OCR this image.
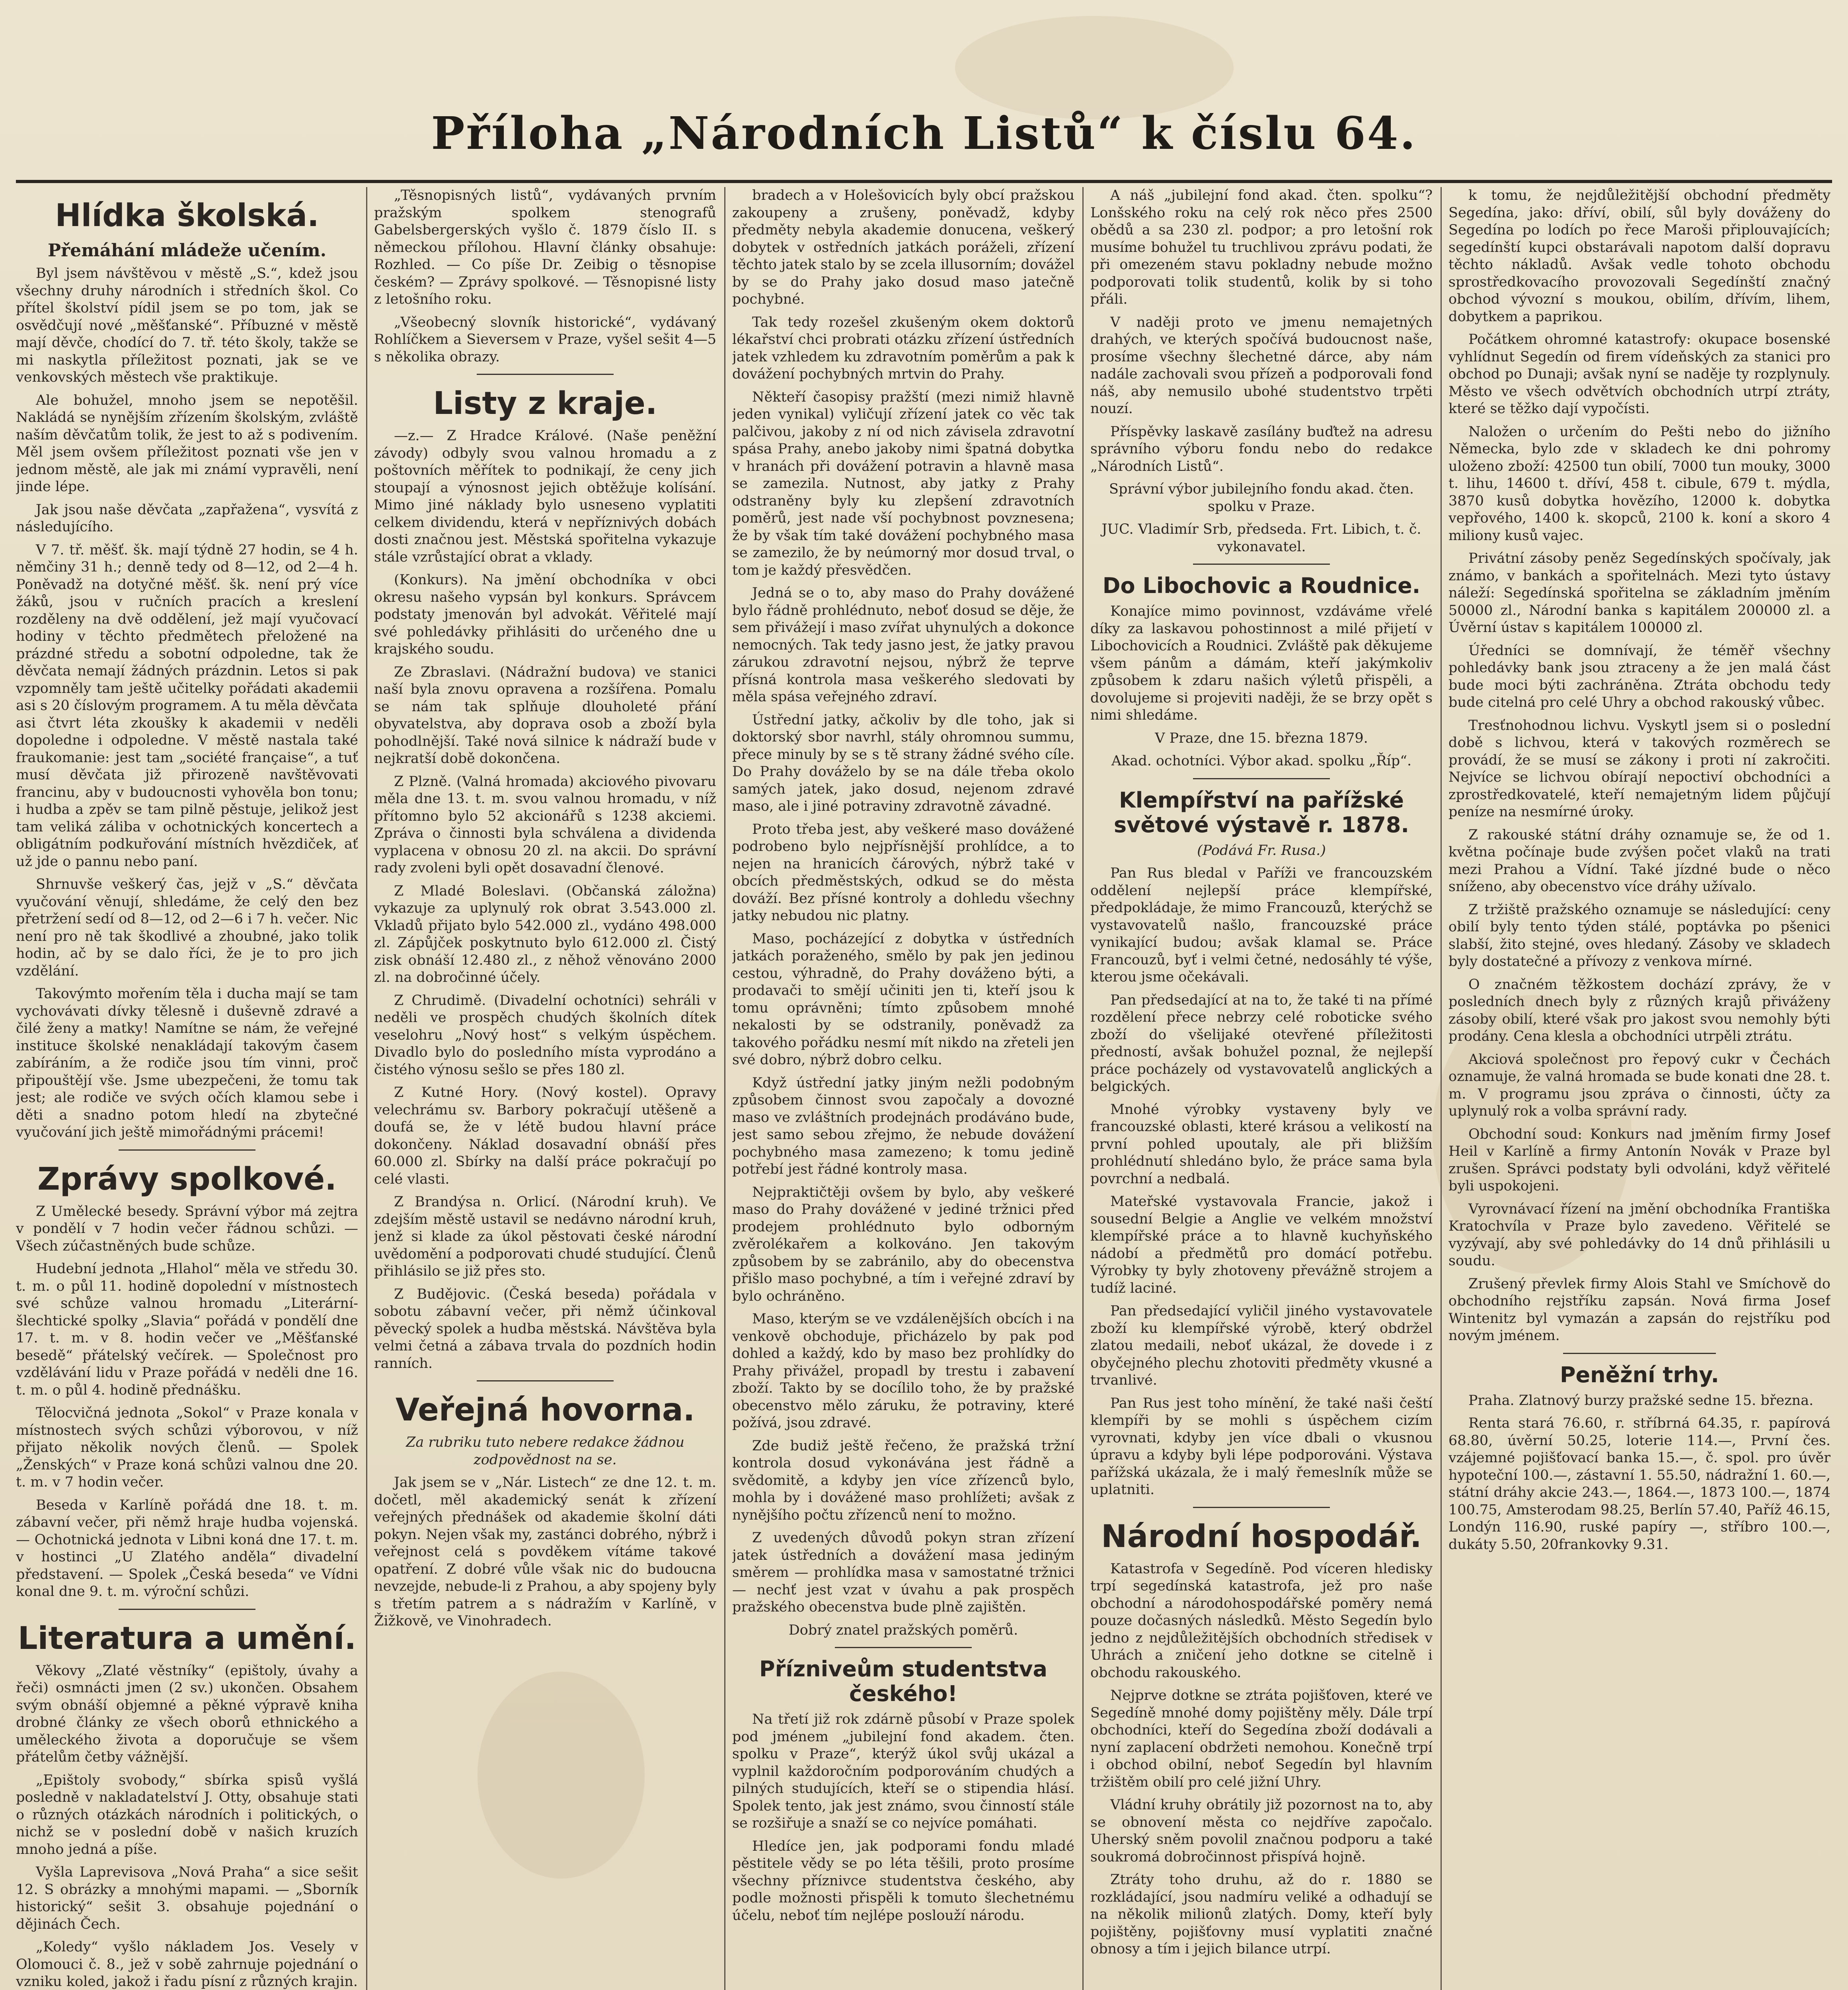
Příloha „Národních Listů“ k číslu 64.
Hlídka školská.
Přemáhání mládeže učením.

Byl jsem návštěvou v městě „S.“, kdež jsou všechny druhy národních i středních škol. Co přítel školství pídil jsem se po tom, jak se osvědčují nové „měšťanské“. Příbuzné v městě mají děvče, chodící do 7. tř. této školy, takže se mi naskytla příležitost poznati, jak se ve venkovských městech vše praktikuje.

Ale bohužel, mnoho jsem se nepotěšil. Nakládá se nynějším zřízením školským, zvláště naším děvčatům tolik, že jest to až s podivením. Měl jsem ovšem příležitost poznati vše jen v jednom městě, ale jak mi známí vypravěli, není jinde lépe.

Jak jsou naše děvčata „zapřažena“, vysvítá z následujícího.

V 7. tř. měšť. šk. mají týdně 27 hodin, se 4 h. němčiny 31 h.; denně tedy od 8—12, od 2—4 h. Poněvadž na dotyčné měšť. šk. není prý více žáků, jsou v ručních pracích a kreslení rozděleny na dvě oddělení, jež mají vyučovací hodiny v těchto předmětech přeložené na prázdné středu a sobotní odpoledne, tak že děvčata nemají žádných prázdnin. Letos si pak vzpomněly tam ještě učitelky pořádati akademii asi s 20 číslovým programem. A tu měla děvčata asi čtvrt léta zkoušky k akademii v neděli dopoledne i odpoledne. V městě nastala také fraukomanie: jest tam „société française“, a tuť musí děvčata již přirozeně navštěvovati francinu, aby v budoucnosti vyhověla bon tonu; i hudba a zpěv se tam pilně pěstuje, jelikož jest tam veliká záliba v ochotnických koncertech a obligátním podkuřování místních hvězdiček, ať už jde o pannu nebo paní.

Shrnuvše veškerý čas, jejž v „S.“ děvčata vyučování věnují, shledáme, že celý den bez přetržení sedí od 8—12, od 2—6 i 7 h. večer. Nic není pro ně tak škodlivé a zhoubné, jako tolik hodin, ač by se dalo říci, že je to pro jich vzdělání.

Takovýmto mořením těla i ducha mají se tam vychovávati dívky tělesně i duševně zdravé a čilé ženy a matky! Namítne se nám, že veřejné instituce školské nenakládají takovým časem zabíráním, a že rodiče jsou tím vinni, proč připouštějí vše. Jsme ubezpečeni, že tomu tak jest; ale rodiče ve svých očích klamou sebe i děti a snadno potom hledí na zbytečné vyučování jich ještě mimořádnými prácemi!

Zprávy spolkové.

Z Umělecké besedy. Správní výbor má zejtra v pondělí v 7 hodin večer řádnou schůzi. — Všech zúčastněných bude schůze.

Hudební jednota „Hlahol“ měla ve středu 30. t. m. o půl 11. hodině dopolední v místnostech své schůze valnou hromadu „Literární-šlechtické spolky „Slavia“ pořádá v pondělí dne 17. t. m. v 8. hodin večer ve „Měšťanské besedě“ přátelský večírek. — Společnost pro vzdělávání lidu v Praze pořádá v neděli dne 16. t. m. o půl 4. hodině přednášku.

Tělocvičná jednota „Sokol“ v Praze konala v místnostech svých schůzi výborovou, v níž přijato několik nových členů. — Spolek „Ženských“ v Praze koná schůzi valnou dne 20. t. m. v 7 hodin večer.

Beseda v Karlíně pořádá dne 18. t. m. zábavní večer, při němž hraje hudba vojenská. — Ochotnická jednota v Libni koná dne 17. t. m. v hostinci „U Zlatého anděla“ divadelní představení. — Spolek „Česká beseda“ ve Vídni konal dne 9. t. m. výroční schůzi.

Literatura a umění.

Věkovy „Zlaté věstníky“ (epištoly, úvahy a řeči) osmnácti jmen (2 sv.) ukončen. Obsahem svým obnáší objemné a pěkné výpravě kniha drobné články ze všech oborů ethnického a uměleckého života a doporučuje se všem přátelům četby vážnější.

„Epištoly svobody,“ sbírka spisů vyšlá posledně v nakladatelství J. Otty, obsahuje stati o různých otázkách národních i politických, o nichž se v poslední době v našich kruzích mnoho jedná a píše.

Vyšla Laprevisova „Nová Praha“ a sice sešit 12. S obrázky a mnohými mapami. — „Sborník historický“ sešit 3. obsahuje pojednání o dějinách Čech.

„Koledy“ vyšlo nákladem Jos. Vesely v Olomouci č. 8., jež v sobě zahrnuje pojednání o vzniku koled, jakož i řadu písní z různých krajin.

„Těsnopisných listů“, vydávaných prvním pražským spolkem stenografů Gabelsbergerských vyšlo č. 1879 číslo II. s německou přílohou. Hlavní články obsahuje: Rozhled. — Co píše Dr. Zeibig o těsnopise českém? — Zprávy spolkové. — Těsnopisné listy z letošního roku.

„Všeobecný slovník historické“, vydávaný Rohlíčkem a Sieversem v Praze, vyšel sešit 4—5 s několika obrazy.

Listy z kraje.

—z.— Z Hradce Králové. (Naše peněžní závody) odbyly svou valnou hromadu a z poštovních měřítek to podnikají, že ceny jich stoupají a výnosnost jejich obtěžuje kolísání. Mimo jiné náklady bylo usneseno vyplatiti celkem dividendu, která v nepříznivých dobách dosti značnou jest. Městská spořitelna vykazuje stále vzrůstající obrat a vklady.

(Konkurs). Na jmění obchodníka v obci okresu našeho vypsán byl konkurs. Správcem podstaty jmenován byl advokát. Věřitelé mají své pohledávky přihlásiti do určeného dne u krajského soudu.

Ze Zbraslavi. (Nádražní budova) ve stanici naší byla znovu opravena a rozšířena. Pomalu se nám tak splňuje dlouholeté přání obyvatelstva, aby doprava osob a zboží byla pohodlnější. Také nová silnice k nádraží bude v nejkratší době dokončena.

Z Plzně. (Valná hromada) akciového pivovaru měla dne 13. t. m. svou valnou hromadu, v níž přítomno bylo 52 akcionářů s 1238 akciemi. Zpráva o činnosti byla schválena a dividenda vyplacena v obnosu 20 zl. na akcii. Do správní rady zvoleni byli opět dosavadní členové.

Z Mladé Boleslavi. (Občanská záložna) vykazuje za uplynulý rok obrat 3.543.000 zl. Vkladů přijato bylo 542.000 zl., vydáno 498.000 zl. Zápůjček poskytnuto bylo 612.000 zl. Čistý zisk obnáší 12.480 zl., z něhož věnováno 2000 zl. na dobročinné účely.

Z Chrudimě. (Divadelní ochotníci) sehráli v neděli ve prospěch chudých školních dítek veselohru „Nový host“ s velkým úspěchem. Divadlo bylo do posledního místa vyprodáno a čistého výnosu sešlo se přes 180 zl.

Z Kutné Hory. (Nový kostel). Opravy velechrámu sv. Barbory pokračují utěšeně a doufá se, že v létě budou hlavní práce dokončeny. Náklad dosavadní obnáší přes 60.000 zl. Sbírky na další práce pokračují po celé vlasti.

Z Brandýsa n. Orlicí. (Národní kruh). Ve zdejším městě ustavil se nedávno národní kruh, jenž si klade za úkol pěstovati české národní uvědomění a podporovati chudé studující. Členů přihlásilo se již přes sto.

Z Budějovic. (Česká beseda) pořádala v sobotu zábavní večer, při němž účinkoval pěvecký spolek a hudba městská. Návštěva byla velmi četná a zábava trvala do pozdních hodin ranních.

Veřejná hovorna.

Za rubriku tuto nebere redakce žádnou zodpovědnost na se.

Jak jsem se v „Nár. Listech“ ze dne 12. t. m. dočetl, měl akademický senát k zřízení veřejných přednášek od akademie školní dáti pokyn. Nejen však my, zastánci dobrého, nýbrž i veřejnost celá s povděkem vítáme takové opatření. Z dobré vůle však nic do budoucna nevzejde, nebude-li z Prahou, a aby spojeny byly s třetím patrem a s nádražím v Karlíně, v Žižkově, ve Vinohradech.

bradech a v Holešovicích byly obcí pražskou zakoupeny a zrušeny, poněvadž, kdyby předměty nebyla akademie donucena, veškerý dobytek v ostředních jatkách poráželi, zřízení těchto jatek stalo by se zcela illusorním; dovážel by se do Prahy jako dosud maso jatečně pochybné.

Tak tedy rozešel zkušeným okem doktorů lékařství chci probrati otázku zřízení ústředních jatek vzhledem ku zdravotním poměrům a pak k dovážení pochybných mrtvin do Prahy.

Někteří časopisy pražští (mezi nimiž hlavně jeden vynikal) vyličují zřízení jatek co věc tak palčivou, jakoby z ní od nich závisela zdravotní spása Prahy, anebo jakoby nimi špatná dobytka v hranách při dovážení potravin a hlavně masa se zamezila. Nutnost, aby jatky z Prahy odstraněny byly ku zlepšení zdravotních poměrů, jest nade vší pochybnost povznesena; že by však tím také dovážení pochybného masa se zamezilo, že by neúmorný mor dosud trval, o tom je každý přesvědčen.

Jedná se o to, aby maso do Prahy dovážené bylo řádně prohlédnuto, neboť dosud se děje, že sem přivážejí i maso zvířat uhynulých a dokonce nemocných. Tak tedy jasno jest, že jatky pravou zárukou zdravotní nejsou, nýbrž že teprve přísná kontrola masa veškerého sledovati by měla spása veřejného zdraví.

Ústřední jatky, ačkoliv by dle toho, jak si doktorský sbor navrhl, stály ohromnou summu, přece minuly by se s tě strany žádné svého cíle. Do Prahy dováželo by se na dále třeba okolo samých jatek, jako dosud, nejenom zdravé maso, ale i jiné potraviny zdravotně závadné.

Proto třeba jest, aby veškeré maso dovážené podrobeno bylo nejpřísnější prohlídce, a to nejen na hranicích čárových, nýbrž také v obcích předměstských, odkud se do města dováží. Bez přísné kontroly a dohledu všechny jatky nebudou nic platny.

Maso, pocházející z dobytka v ústředních jatkách poraženého, smělo by pak jen jedinou cestou, výhradně, do Prahy dováženo býti, a prodavači to smějí učiniti jen ti, kteří jsou k tomu oprávněni; tímto způsobem mnohé nekalosti by se odstranily, poněvadž za takového pořádku nesmí mít nikdo na zřeteli jen své dobro, nýbrž dobro celku.

Když ústřední jatky jiným nežli podobným způsobem činnost svou započaly a dovozné maso ve zvláštních prodejnách prodáváno bude, jest samo sebou zřejmo, že nebude dovážení pochybného masa zamezeno; k tomu jedině potřebí jest řádné kontroly masa.

Nejpraktičtěji ovšem by bylo, aby veškeré maso do Prahy dovážené v jediné tržnici před prodejem prohlédnuto bylo odborným zvěrolékařem a kolkováno. Jen takovým způsobem by se zabránilo, aby do obecenstva přišlo maso pochybné, a tím i veřejné zdraví by bylo ochráněno.

Maso, kterým se ve vzdálenějších obcích i na venkově obchoduje, přicházelo by pak pod dohled a každý, kdo by maso bez prohlídky do Prahy přivážel, propadl by trestu i zabavení zboží. Takto by se docílilo toho, že by pražské obecenstvo mělo záruku, že potraviny, které požívá, jsou zdravé.

Zde budiž ještě řečeno, že pražská tržní kontrola dosud vykonávána jest řádně a svědomitě, a kdyby jen více zřízenců bylo, mohla by i dovážené maso prohlížeti; avšak z nynějšího počtu zřízenců není to možno.

Z uvedených důvodů pokyn stran zřízení jatek ústředních a dovážení masa jediným směrem — prohlídka masa v samostatné tržnici — nechť jest vzat v úvahu a pak prospěch pražského obecenstva bude plně zajištěn.

Dobrý znatel pražských poměrů.

Přízniveům studentstva českého!

Na třetí již rok zdárně působí v Praze spolek pod jménem „jubilejní fond akadem. čten. spolku v Praze“, kterýž úkol svůj ukázal a vyplnil každoročním podporováním chudých a pilných studujících, kteří se o stipendia hlásí. Spolek tento, jak jest známo, svou činností stále se rozšiřuje a snaží se co nejvíce pomáhati.

Hledíce jen, jak podporami fondu mladé pěstitele vědy se po léta těšili, proto prosíme všechny příznivce studentstva českého, aby podle možnosti přispěli k tomuto šlechetnému účelu, neboť tím nejlépe poslouží národu.

A náš „jubilejní fond akad. čten. spolku“? Lonšského roku na celý rok něco přes 2500 obědů a sa 230 zl. podpor; a pro letošní rok musíme bohužel tu truchlivou zprávu podati, že při omezeném stavu pokladny nebude možno podporovati tolik studentů, kolik by si toho přáli.

V naději proto ve jmenu nemajetných drahých, ve kterých spočívá budoucnost naše, prosíme všechny šlechetné dárce, aby nám nadále zachovali svou přízeň a podporovali fond náš, aby nemusilo ubohé studentstvo trpěti nouzí.

Příspěvky laskavě zasílány buďtež na adresu správního výboru fondu nebo do redakce „Národních Listů“.

Správní výbor jubilejního fondu akad. čten. spolku v Praze.

JUC. Vladimír Srb, předseda. Frt. Libich, t. č. vykonavatel.

Do Libochovic a Roudnice.

Konajíce mimo povinnost, vzdáváme vřelé díky za laskavou pohostinnost a milé přijetí v Libochovicích a Roudnici. Zvláště pak děkujeme všem pánům a dámám, kteří jakýmkoliv způsobem k zdaru našich výletů přispěli, a dovolujeme si projeviti naději, že se brzy opět s nimi shledáme.

V Praze, dne 15. března 1879.

Akad. ochotníci. Výbor akad. spolku „Říp“.

Klempířství na pařížské světové výstavě r. 1878.

(Podává Fr. Rusa.)

Pan Rus bledal v Paříži ve francouzském oddělení nejlepší práce klempířské, předpokládaje, že mimo Francouzů, kterýchž se vystavovatelů našlo, francouzské práce vynikající budou; avšak klamal se. Práce Francouzů, byť i velmi četné, nedosáhly té výše, kterou jsme očekávali.

Pan předsedající at na to, že také ti na přímé rozdělení přece nebrzy celé roboticke svého zboží do všelijaké otevřené příležitosti předností, avšak bohužel poznal, že nejlepší práce pocházely od vystavovatelů anglických a belgických.

Mnohé výrobky vystaveny byly ve francouzské oblasti, které krásou a velikostí na první pohled upoutaly, ale při bližším prohlédnutí shledáno bylo, že práce sama byla povrchní a nedbalá.

Mateřské vystavovala Francie, jakož i sousední Belgie a Anglie ve velkém množství klempířské práce a to hlavně kuchyňského nádobí a předmětů pro domácí potřebu. Výrobky ty byly zhotoveny převážně strojem a tudíž laciné.

Pan předsedající vyličil jiného vystavovatele zboží ku klempířské výrobě, který obdržel zlatou medaili, neboť ukázal, že dovede i z obyčejného plechu zhotoviti předměty vkusné a trvanlivé.

Pan Rus jest toho mínění, že také naši čeští klempíři by se mohli s úspěchem cizím vyrovnati, kdyby jen více dbali o vkusnou úpravu a kdyby byli lépe podporováni. Výstava pařížská ukázala, že i malý řemeslník může se uplatniti.

Národní hospodář.

Katastrofa v Segedíně. Pod víceren hledisky trpí segedínská katastrofa, jež pro naše obchodní a národohospodářské poměry nemá pouze dočasných následků. Město Segedín bylo jedno z nejdůležitějších obchodních středisek v Uhrách a zničení jeho dotkne se citelně i obchodu rakouského.

Nejprve dotkne se ztráta pojišťoven, které ve Segedíně mnohé domy pojištěny měly. Dále trpí obchodníci, kteří do Segedína zboží dodávali a nyní zaplacení obdržeti nemohou. Konečně trpí i obchod obilní, neboť Segedín byl hlavním tržištěm obilí pro celé jižní Uhry.

Vládní kruhy obrátily již pozornost na to, aby se obnovení města co nejdříve započalo. Uherský sněm povolil značnou podporu a také soukromá dobročinnost přispívá hojně.

Ztráty toho druhu, až do r. 1880 se rozkládající, jsou nadmíru veliké a odhadují se na několik milionů zlatých. Domy, kteří byly pojištěny, pojišťovny musí vyplatiti značné obnosy a tím i jejich bilance utrpí.

k tomu, že nejdůležitější obchodní předměty Segedína, jako: dříví, obilí, sůl byly dováženy do Segedína po lodích po řece Maroši připlouvajících; segedínští kupci obstarávali napotom další dopravu těchto nákladů. Avšak vedle tohoto obchodu sprostředkovacího provozovali Segedínští značný obchod vývozní s moukou, obilím, dřívím, lihem, dobytkem a paprikou.

Počátkem ohromné katastrofy: okupace bosenské vyhlídnut Segedín od firem vídeňských za stanici pro obchod po Dunaji; avšak nyní se naděje ty rozplynuly. Město ve všech odvětvích obchodních utrpí ztráty, které se těžko dají vypočísti.

Naložen o určením do Pešti nebo do jižního Německa, bylo zde v skladech ke dni pohromy uloženo zboží: 42500 tun obilí, 7000 tun mouky, 3000 t. lihu, 14600 t. dříví, 458 t. cibule, 679 t. mýdla, 3870 kusů dobytka hovězího, 12000 k. dobytka vepřového, 1400 k. skopců, 2100 k. koní a skoro 4 miliony kusů vajec.

Privátní zásoby peněz Segedínských spočívaly, jak známo, v bankách a spořitelnách. Mezi tyto ústavy náleží: Segedínská spořitelna se základním jměním 50000 zl., Národní banka s kapitálem 200000 zl. a Úvěrní ústav s kapitálem 100000 zl.

Úředníci se domnívají, že téměř všechny pohledávky bank jsou ztraceny a že jen malá část bude moci býti zachráněna. Ztráta obchodu tedy bude citelná pro celé Uhry a obchod rakouský vůbec.

Tresťnohodnou lichvu. Vyskytl jsem si o poslední době s lichvou, která v takových rozměrech se provádí, že se musí se zákony i proti ní zakročiti. Nejvíce se lichvou obírají nepoctiví obchodníci a zprostředkovatelé, kteří nemajetným lidem půjčují peníze na nesmírné úroky.

Z rakouské státní dráhy oznamuje se, že od 1. května počínaje bude zvýšen počet vlaků na trati mezi Prahou a Vídní. Také jízdné bude o něco sníženo, aby obecenstvo více dráhy užívalo.

Z tržiště pražského oznamuje se následující: ceny obilí byly tento týden stálé, poptávka po pšenici slabší, žito stejné, oves hledaný. Zásoby ve skladech byly dostatečné a přívozy z venkova mírné.

O značném těžkostem dochází zprávy, že v posledních dnech byly z různých krajů přiváženy zásoby obilí, které však pro jakost svou nemohly býti prodány. Cena klesla a obchodníci utrpěli ztrátu.

Akciová společnost pro řepový cukr v Čechách oznamuje, že valná hromada se bude konati dne 28. t. m. V programu jsou zpráva o činnosti, účty za uplynulý rok a volba správní rady.

Obchodní soud: Konkurs nad jměním firmy Josef Heil v Karlíně a firmy Antonín Novák v Praze byl zrušen. Správci podstaty byli odvoláni, když věřitelé byli uspokojeni.

Vyrovnávací řízení na jmění obchodníka Františka Kratochvíla v Praze bylo zavedeno. Věřitelé se vyzývají, aby své pohledávky do 14 dnů přihlásili u soudu.

Zrušený převlek firmy Alois Stahl ve Smíchově do obchodního rejstříku zapsán. Nová firma Josef Wintenitz byl vymazán a zapsán do rejstříku pod novým jménem.

Peněžní trhy.

Praha. Zlatnový burzy pražské sedne 15. března.

Renta stará 76.60, r. stříbrná 64.35, r. papírová 68.80, úvěrní 50.25, loterie 114.—, První čes. vzájemné pojišťovací banka 15.—, č. spol. pro úvěr hypoteční 100.—, zástavní 1. 55.50, nádražní 1. 60.—, státní dráhy akcie 243.—, 1864.—, 1873 100.—, 1874 100.75, Amsterodam 98.25, Berlín 57.40, Paříž 46.15, Londýn 116.90, ruské papíry —, stříbro 100.—, dukáty 5.50, 20frankovky 9.31.
